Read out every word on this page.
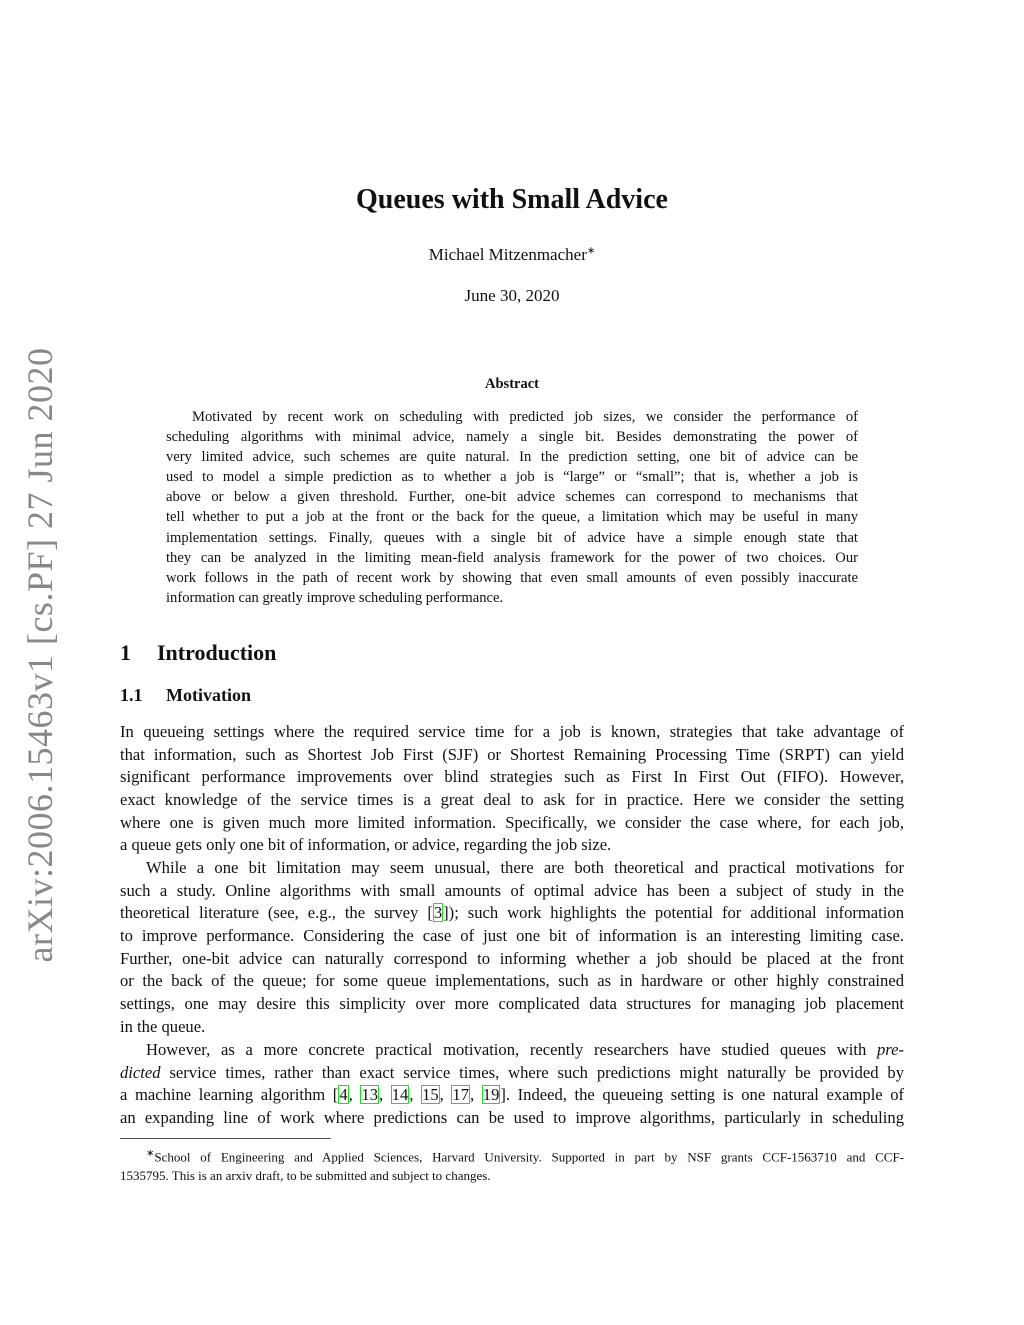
arXiv:2006.15463v1 [cs.PF] 27 Jun 2020
Queues with Small Advice
Michael Mitzenmacher∗
June 30, 2020
Abstract
Motivated by recent work on scheduling with predicted job sizes, we consider the performance of
scheduling algorithms with minimal advice, namely a single bit. Besides demonstrating the power of
very limited advice, such schemes are quite natural. In the prediction setting, one bit of advice can be
used to model a simple prediction as to whether a job is “large” or “small”; that is, whether a job is
above or below a given threshold. Further, one-bit advice schemes can correspond to mechanisms that
tell whether to put a job at the front or the back for the queue, a limitation which may be useful in many
implementation settings. Finally, queues with a single bit of advice have a simple enough state that
they can be analyzed in the limiting mean-field analysis framework for the power of two choices. Our
work follows in the path of recent work by showing that even small amounts of even possibly inaccurate
information can greatly improve scheduling performance.
1 Introduction
1.1 Motivation
In queueing settings where the required service time for a job is known, strategies that take advantage of
that information, such as Shortest Job First (SJF) or Shortest Remaining Processing Time (SRPT) can yield
significant performance improvements over blind strategies such as First In First Out (FIFO). However,
exact knowledge of the service times is a great deal to ask for in practice. Here we consider the setting
where one is given much more limited information. Specifically, we consider the case where, for each job,
a queue gets only one bit of information, or advice, regarding the job size.
While a one bit limitation may seem unusual, there are both theoretical and practical motivations for
such a study. Online algorithms with small amounts of optimal advice has been a subject of study in the
theoretical literature (see, e.g., the survey [3]); such work highlights the potential for additional information
to improve performance. Considering the case of just one bit of information is an interesting limiting case.
Further, one-bit advice can naturally correspond to informing whether a job should be placed at the front
or the back of the queue; for some queue implementations, such as in hardware or other highly constrained
settings, one may desire this simplicity over more complicated data structures for managing job placement
in the queue.
However, as a more concrete practical motivation, recently researchers have studied queues with pre-
dicted service times, rather than exact service times, where such predictions might naturally be provided by
a machine learning algorithm [4, 13, 14, 15, 17, 19]. Indeed, the queueing setting is one natural example of
an expanding line of work where predictions can be used to improve algorithms, particularly in scheduling
∗School of Engineering and Applied Sciences, Harvard University. Supported in part by NSF grants CCF-1563710 and CCF-
1535795. This is an arxiv draft, to be submitted and subject to changes.
